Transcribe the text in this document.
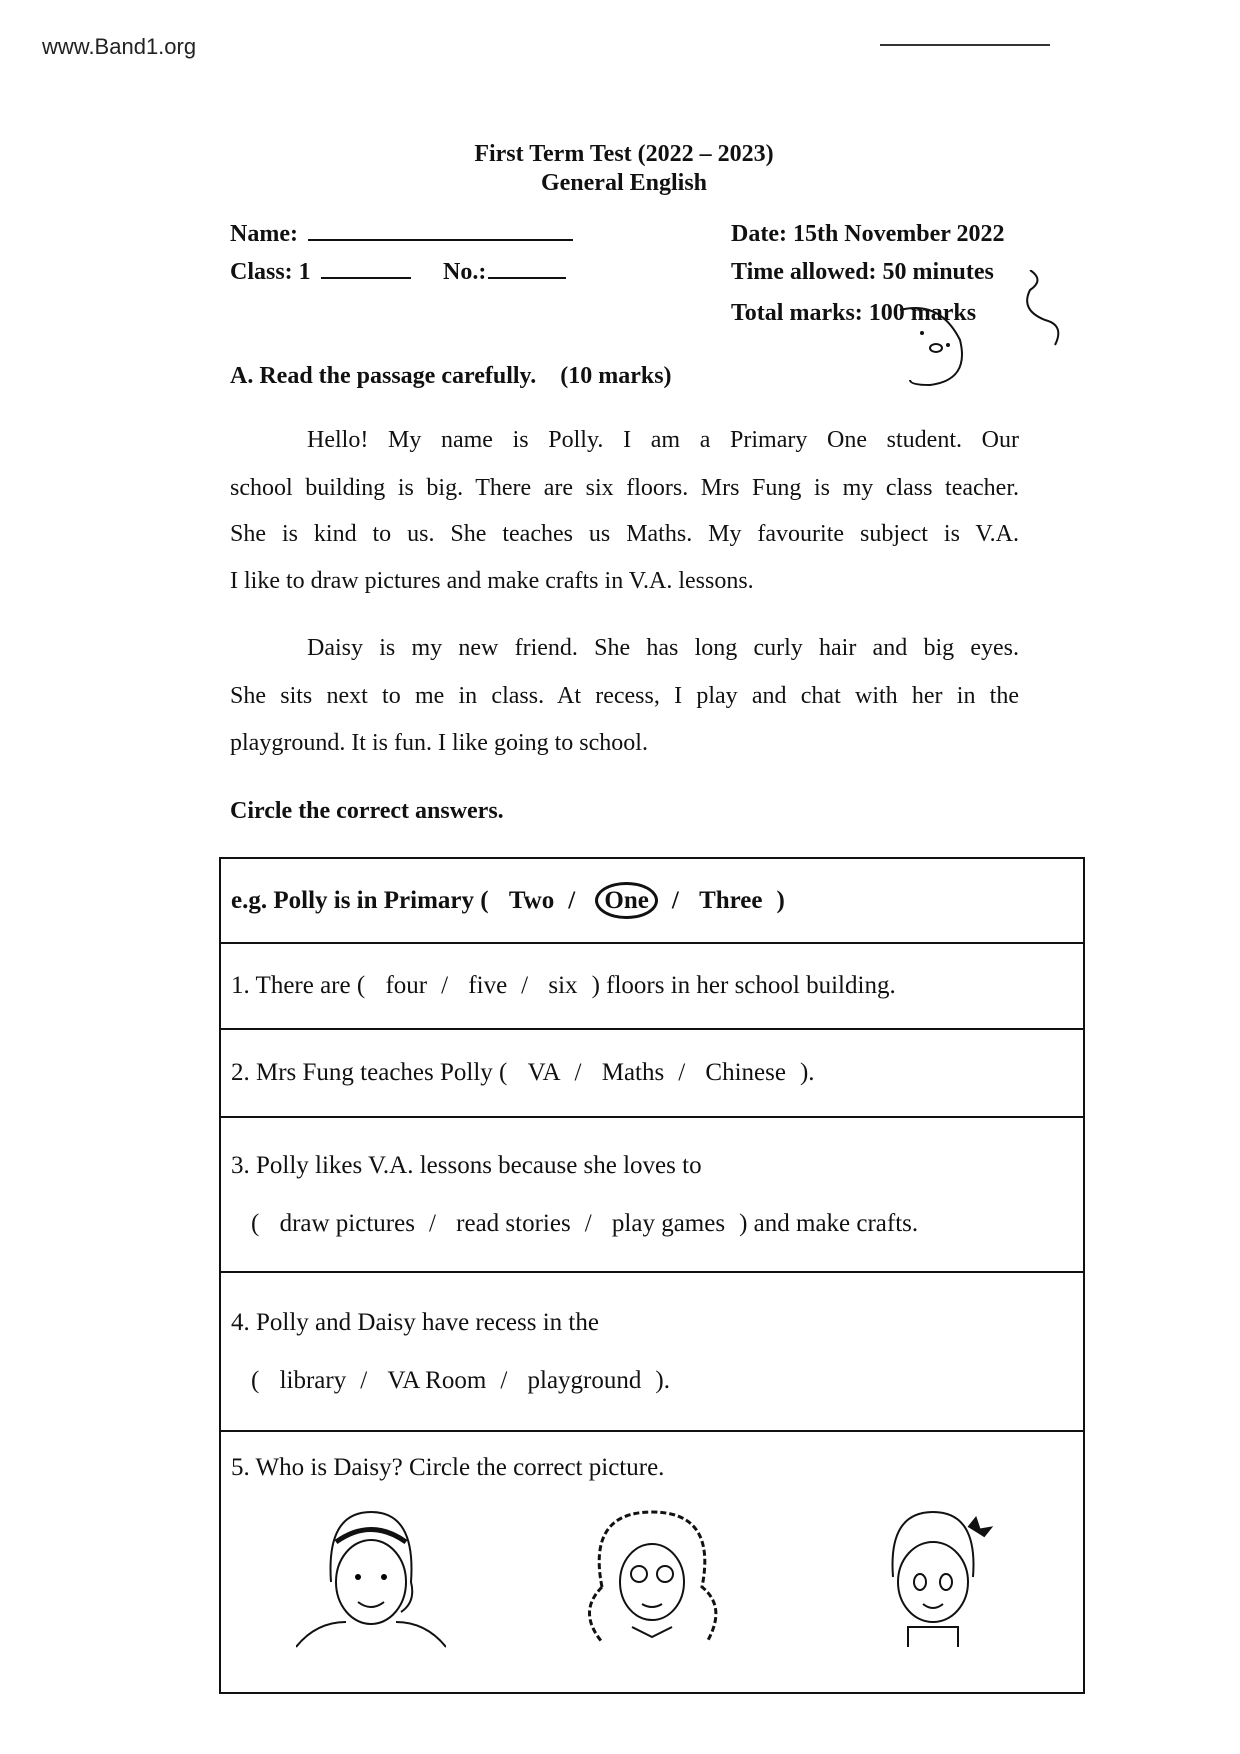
www.Band1.org
First Term Test (2022 – 2023)
General English
Name:
Class: 1	No.:
Date: 15th November 2022
Time allowed: 50 minutes
Total marks: 100 marks
A. Read the passage carefully. (10 marks)
Hello! My name is Polly. I am a Primary One student. Our
school building is big. There are six floors. Mrs Fung is my class teacher.
She is kind to us. She teaches us Maths. My favourite subject is V.A.
I like to draw pictures and make crafts in V.A. lessons.
Daisy is my new friend. She has long curly hair and big eyes.
She sits next to me in class. At recess, I play and chat with her in the
playground. It is fun. I like going to school.
Circle the correct answers.
e.g. Polly is in Primary ( Two / One / Three )
1. There are ( four / five / six ) floors in her school building.
2. Mrs Fung teaches Polly ( VA / Maths / Chinese ).

3. Polly likes V.A. lessons because she loves to
( draw pictures / read stories / play games ) and make crafts.

4. Polly and Daisy have recess in the
( library / VA Room / playground ).

5. Who is Daisy? Circle the correct picture.
